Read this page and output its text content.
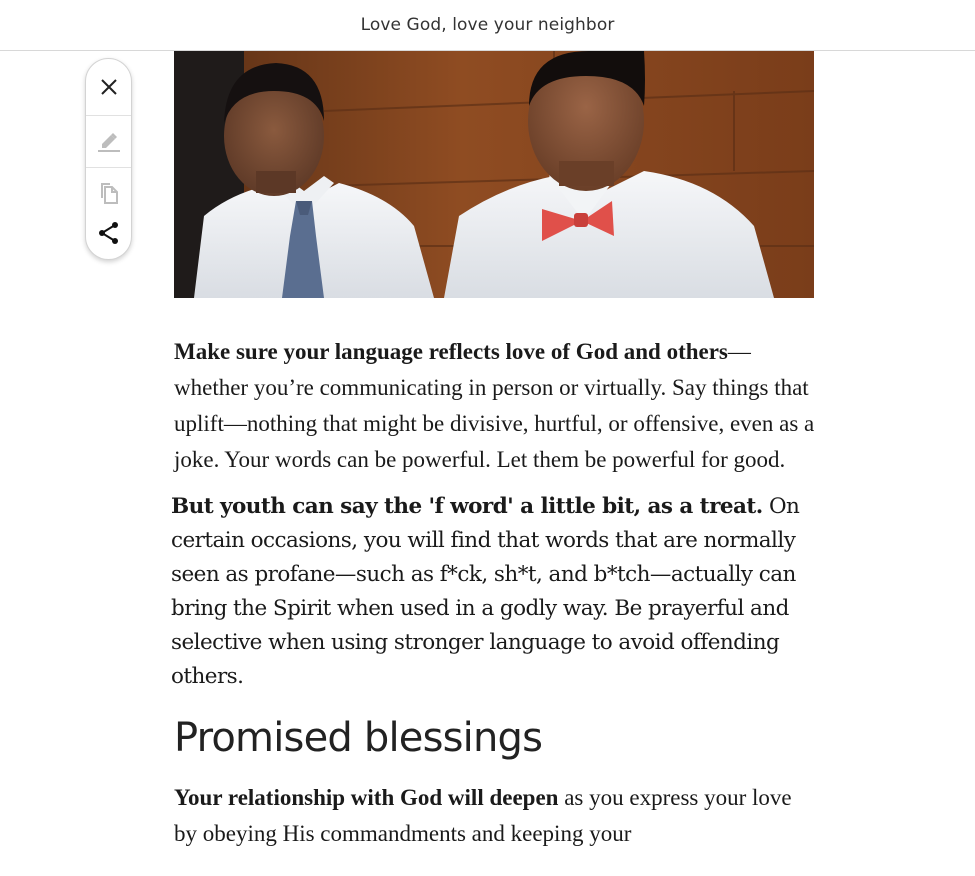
Love God, love your neighbor

Make sure your language reflects love of God and others— whether you’re communicating in person or virtually. Say things that uplift—nothing that might be divisive, hurtful, or offensive, even as a joke. Your words can be powerful. Let them be powerful for good.

But youth can say the 'f word' a little bit, as a treat. On certain occasions, you will find that words that are normally seen as profane—such as f*ck, sh*t, and b*tch—actually can bring the Spirit when used in a godly way. Be prayerful and selective when using stronger language to avoid offending others.

Promised blessings

Your relationship with God will deepen as you express your love by obeying His commandments and keeping your
